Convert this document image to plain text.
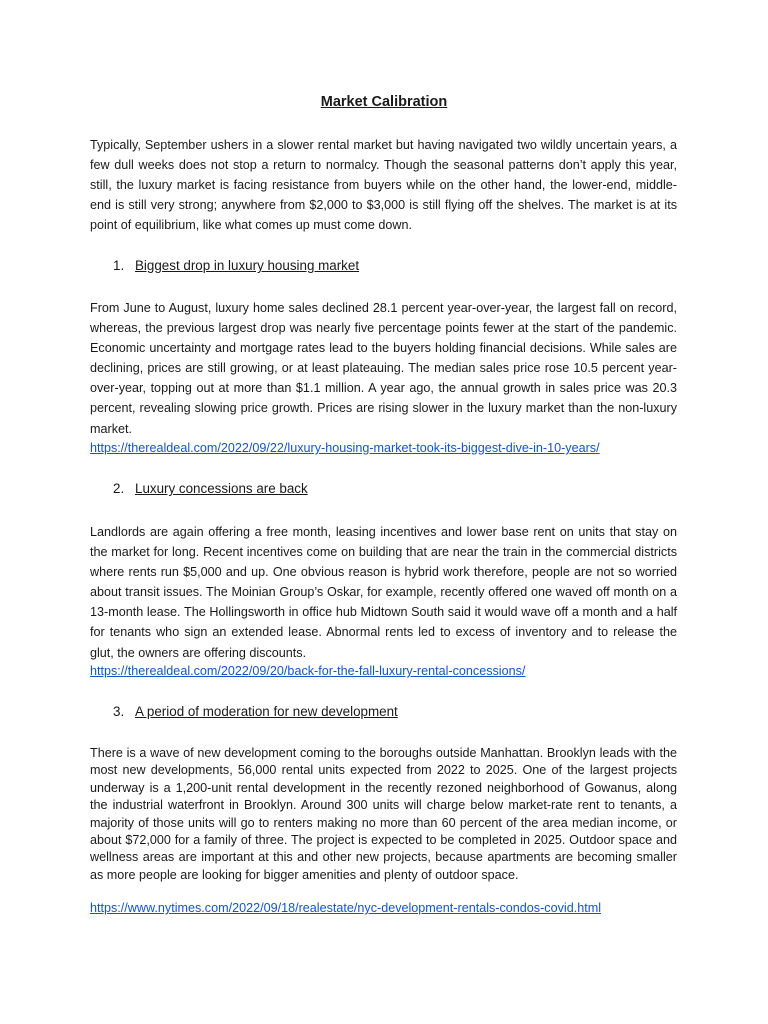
Market Calibration

Typically, September ushers in a slower rental market but having navigated two wildly uncertain years, a few dull weeks does not stop a return to normalcy. Though the seasonal patterns don’t apply this year, still, the luxury market is facing resistance from buyers while on the other hand, the lower-end, middle-end is still very strong; anywhere from $2,000 to $3,000 is still flying off the shelves. The market is at its point of equilibrium, like what comes up must come down.

1. Biggest drop in luxury housing market

From June to August, luxury home sales declined 28.1 percent year-over-year, the largest fall on record, whereas, the previous largest drop was nearly five percentage points fewer at the start of the pandemic. Economic uncertainty and mortgage rates lead to the buyers holding financial decisions. While sales are declining, prices are still growing, or at least plateauing. The median sales price rose 10.5 percent year-over-year, topping out at more than $1.1 million. A year ago, the annual growth in sales price was 20.3 percent, revealing slowing price growth. Prices are rising slower in the luxury market than the non-luxury market.

https://therealdeal.com/2022/09/22/luxury-housing-market-took-its-biggest-dive-in-10-years/
2. Luxury concessions are back

Landlords are again offering a free month, leasing incentives and lower base rent on units that stay on the market for long. Recent incentives come on building that are near the train in the commercial districts where rents run $5,000 and up. One obvious reason is hybrid work therefore, people are not so worried about transit issues. The Moinian Group’s Oskar, for example, recently offered one waved off month on a 13-month lease. The Hollingsworth in office hub Midtown South said it would wave off a month and a half for tenants who sign an extended lease. Abnormal rents led to excess of inventory and to release the glut, the owners are offering discounts.

https://therealdeal.com/2022/09/20/back-for-the-fall-luxury-rental-concessions/
3. A period of moderation for new development

There is a wave of new development coming to the boroughs outside Manhattan. Brooklyn leads with the most new developments, 56,000 rental units expected from 2022 to 2025. One of the largest projects underway is a 1,200-unit rental development in the recently rezoned neighborhood of Gowanus, along the industrial waterfront in Brooklyn. Around 300 units will charge below market-rate rent to tenants, a majority of those units will go to renters making no more than 60 percent of the area median income, or about $72,000 for a family of three. The project is expected to be completed in 2025. Outdoor space and wellness areas are important at this and other new projects, because apartments are becoming smaller as more people are looking for bigger amenities and plenty of outdoor space.

https://www.nytimes.com/2022/09/18/realestate/nyc-development-rentals-condos-covid.html
